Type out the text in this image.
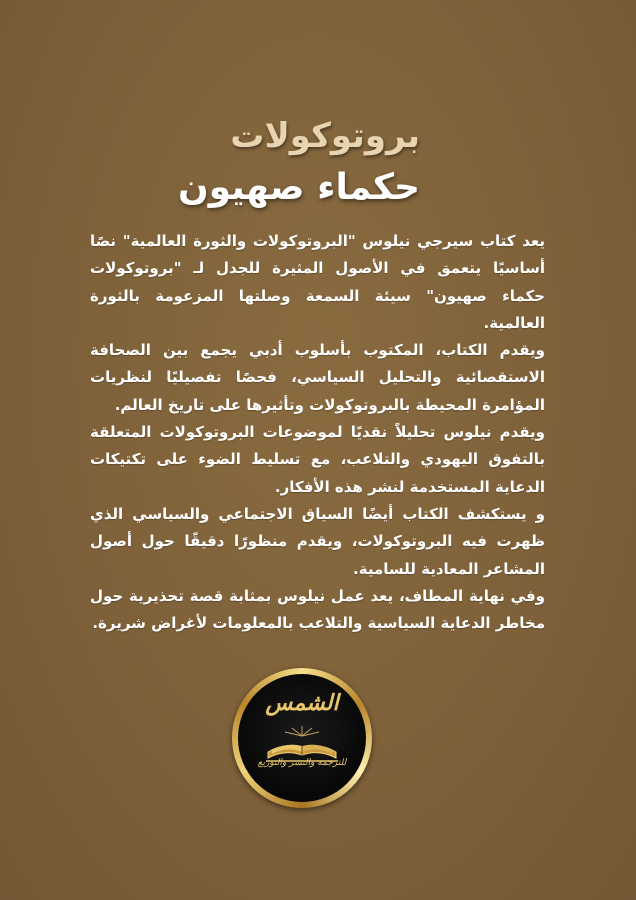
بروتوكولات
حكماء صهيون

يعد كتاب سيرجي نيلوس "البروتوكولات والثورة العالمية" نصًا أساسيًا يتعمق في الأصول المثيرة للجدل لـ "بروتوكولات حكماء صهيون" سيئة السمعة وصلتها المزعومة بالثورة العالمية.

ويقدم الكتاب، المكتوب بأسلوب أدبي يجمع بين الصحافة الاستقصائية والتحليل السياسي، فحصًا تفصيليًا لنظريات المؤامرة المحيطة بالبروتوكولات وتأثيرها على تاريخ العالم.

ويقدم نيلوس تحليلاً نقديًا لموضوعات البروتوكولات المتعلقة بالتفوق اليهودي والتلاعب، مع تسليط الضوء على تكتيكات الدعاية المستخدمة لنشر هذه الأفكار.

و يستكشف الكتاب أيضًا السياق الاجتماعي والسياسي الذي ظهرت فيه البروتوكولات، ويقدم منظورًا دقيقًا حول أصول المشاعر المعادية للسامية.

وفي نهاية المطاف، يعد عمل نيلوس بمثابة قصة تحذيرية حول مخاطر الدعاية السياسية والتلاعب بالمعلومات لأغراض شريرة.

الشمس
للترجمة والنشر والتوزيع
